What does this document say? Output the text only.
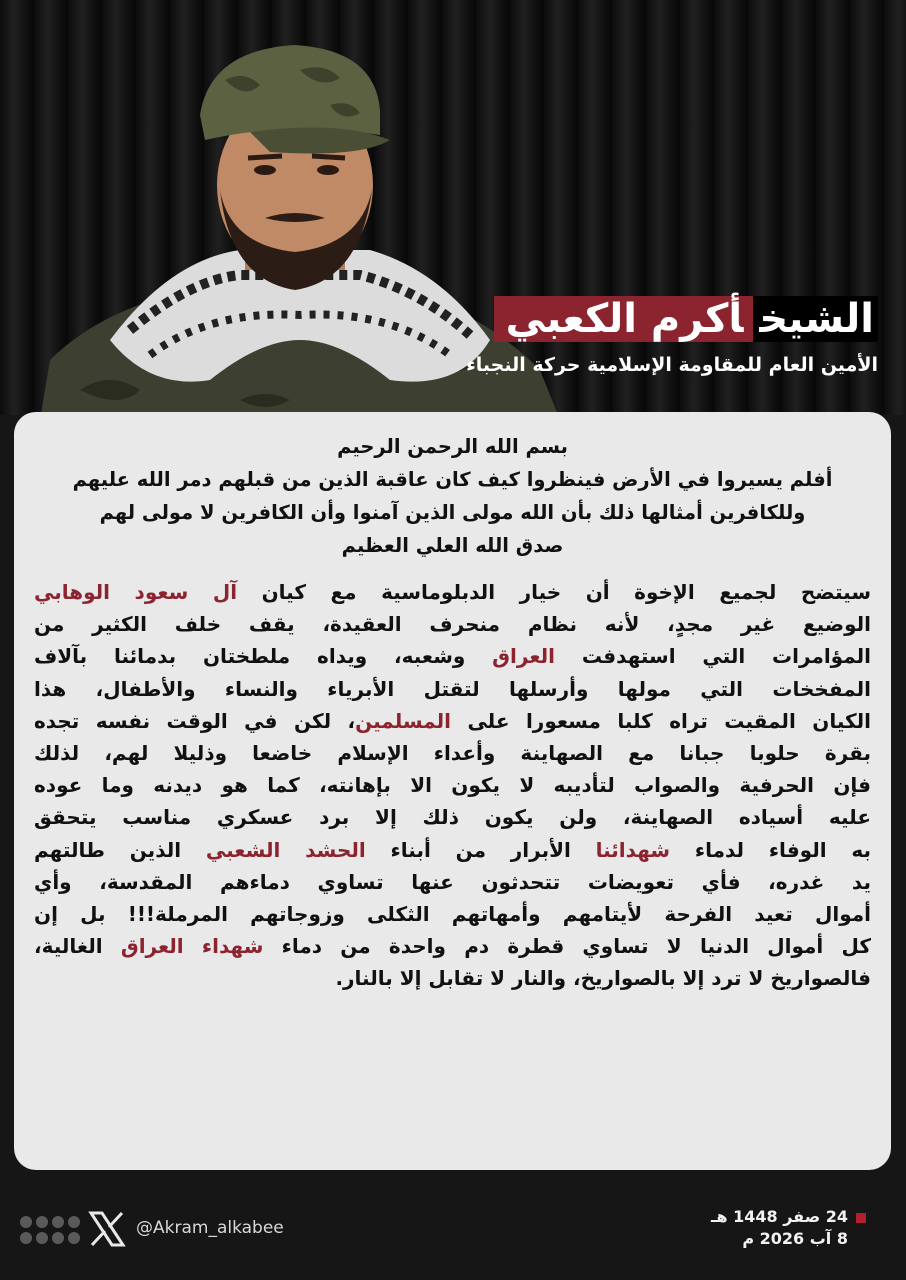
الشيخأكرم الكعبي
الأمين العام للمقاومة الإسلامية حركة النجباء
بسم الله الرحمن الرحيم
أفلم يسيروا في الأرض فينظروا كيف كان عاقبة الذين من قبلهم دمر الله عليهم
وللكافرين أمثالها ذلك بأن الله مولى الذين آمنوا وأن الكافرين لا مولى لهم
صدق الله العلي العظيم
سيتضح لجميع الإخوة أن خيار الدبلوماسية مع كيان آل سعود الوهابي
الوضيع غير مجدٍ، لأنه نظام منحرف العقيدة، يقف خلف الكثير من
المؤامرات التي استهدفت العراق وشعبه، ويداه ملطختان بدمائنا بآلاف
المفخخات التي مولها وأرسلها لتقتل الأبرياء والنساء والأطفال، هذا
الكيان المقيت تراه كلبا مسعورا على المسلمين، لكن في الوقت نفسه تجده
بقرة حلوبا جبانا مع الصهاينة وأعداء الإسلام خاضعا وذليلا لهم، لذلك
فإن الحرفية والصواب لتأديبه لا يكون الا بإهانته، كما هو ديدنه وما عوده
عليه أسياده الصهاينة، ولن يكون ذلك إلا برد عسكري مناسب يتحقق
به الوفاء لدماء شهدائنا الأبرار من أبناء الحشد الشعبي الذين طالتهم
يد غدره، فأي تعويضات تتحدثون عنها تساوي دماءهم المقدسة، وأي
أموال تعيد الفرحة لأيتامهم وأمهاتهم الثكلى وزوجاتهم المرملة!!! بل إن
كل أموال الدنيا لا تساوي قطرة دم واحدة من دماء شهداء العراق الغالية،
فالصواريخ لا ترد إلا بالصواريخ، والنار لا تقابل إلا بالنار.
@Akram_alkabee
24 صفر 1448 هـ
8 آب 2026 م
